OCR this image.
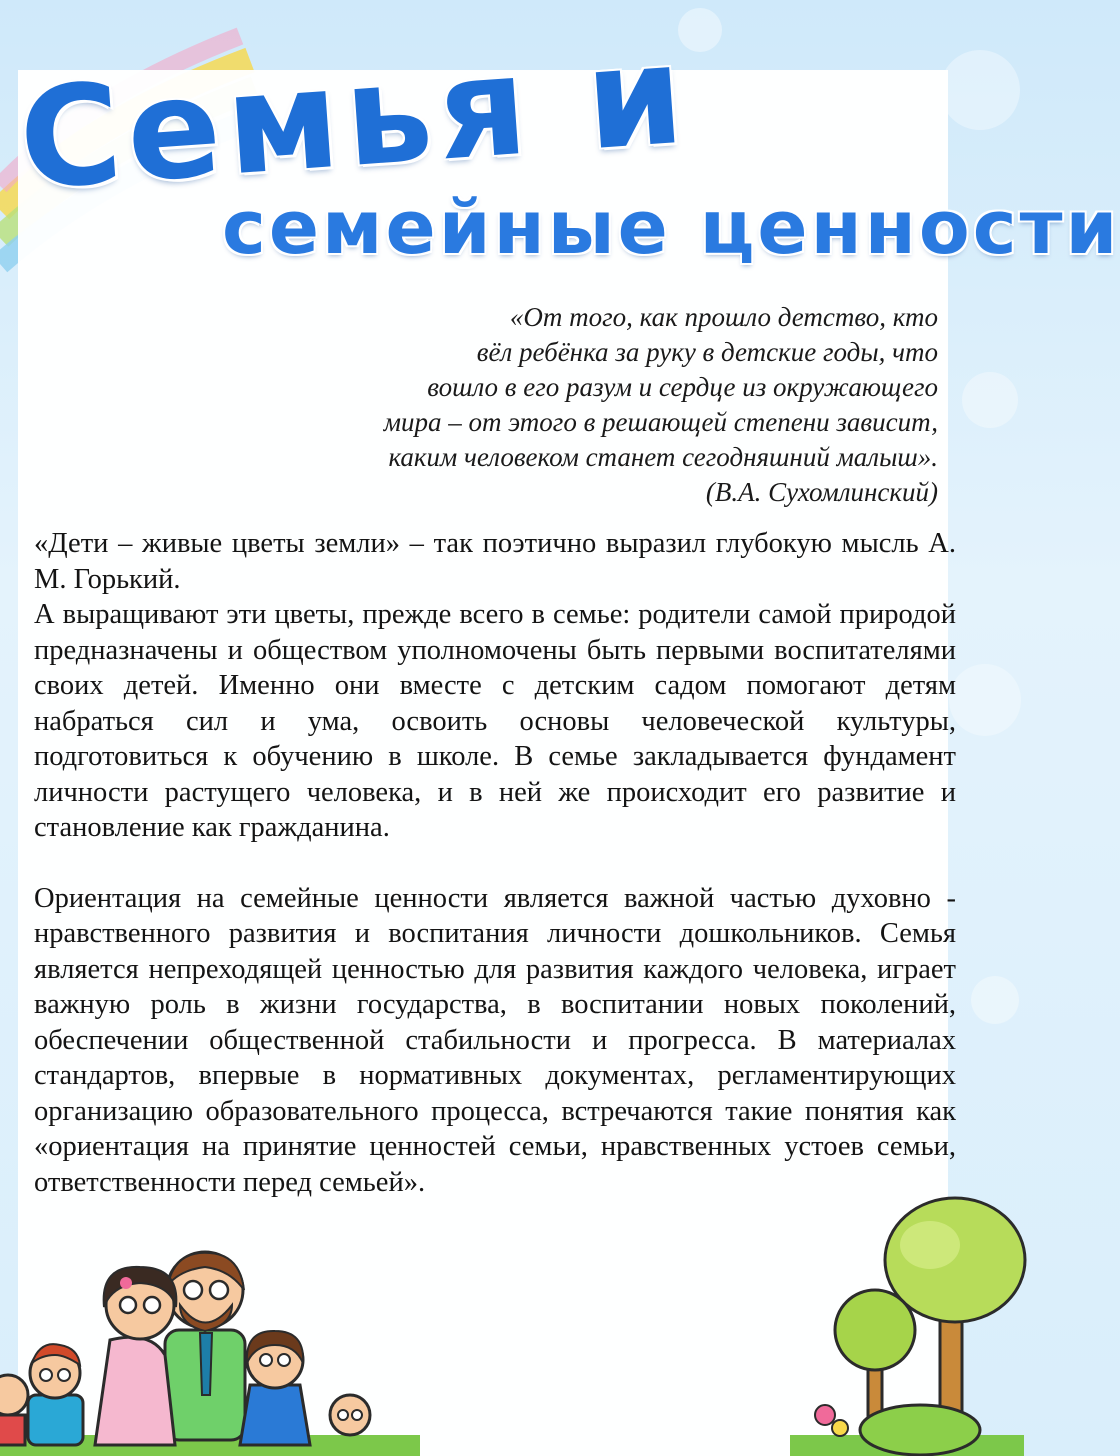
Семья и
семейные ценности

«От того, как прошло детство, кто

вёл ребёнка за руку в детские годы, что

вошло в его разум и сердце из окружающего

мира – от этого в решающей степени зависит,

каким человеком станет сегодняшний малыш».

(В.А. Сухомлинский)

«Дети – живые цветы земли» – так поэтично выразил глубокую мысль А. М. Горький.

А выращивают эти цветы, прежде всего в семье: родители самой природой предназначены и обществом уполномочены быть первыми воспитателями своих детей. Именно они вместе с детским садом помогают детям набраться сил и ума, освоить основы человеческой культуры, подготовиться к обучению в школе. В семье закладывается фундамент личности растущего человека, и в ней же происходит его развитие и становление как гражданина.

Ориентация на семейные ценности является важной частью духовно - нравственного развития и воспитания личности дошкольников. Семья является непреходящей ценностью для развития каждого человека, играет важную роль в жизни государства, в воспитании новых поколений, обеспечении общественной стабильности и прогресса. В материалах стандартов, впервые в нормативных документах, регламентирующих организацию образовательного процесса, встречаются такие понятия как «ориентация на принятие ценностей семьи, нравственных устоев семьи, ответственности перед семьей».
